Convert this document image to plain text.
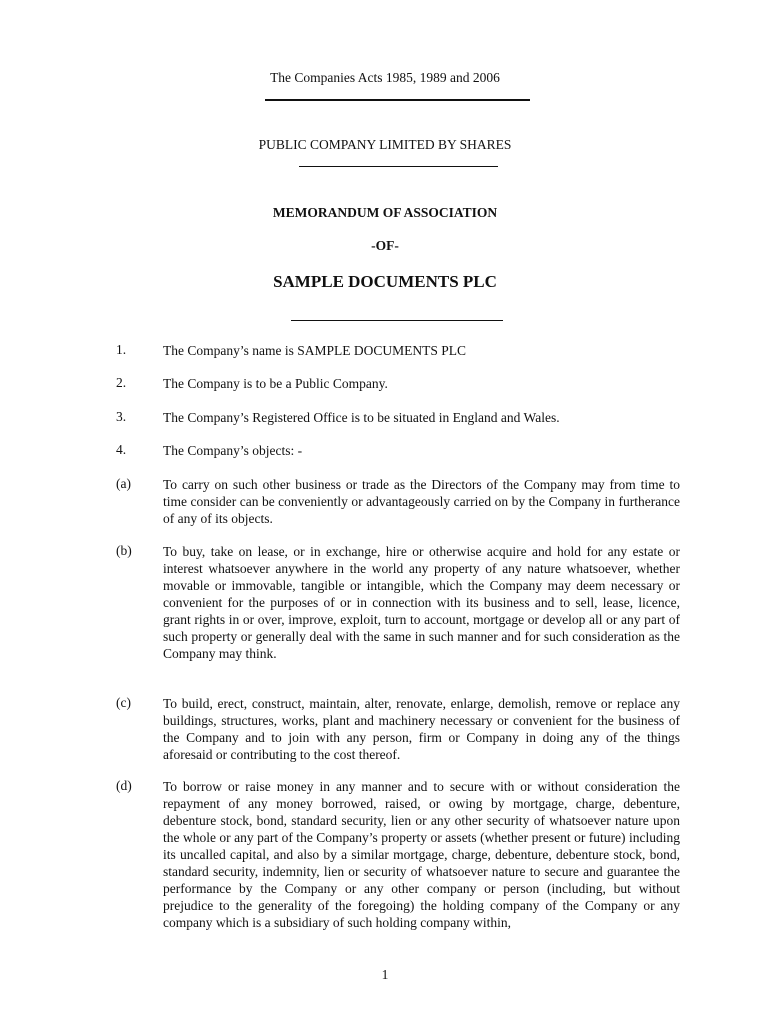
The Companies Acts 1985, 1989 and 2006
PUBLIC COMPANY LIMITED BY SHARES
MEMORANDUM OF ASSOCIATION
-OF-
SAMPLE DOCUMENTS PLC
1.	The Company’s name is SAMPLE DOCUMENTS PLC
2.	The Company is to be a Public Company.
3.	The Company’s Registered Office is to be situated in England and Wales.
4.	The Company’s objects: -
(a) To carry on such other business or trade as the Directors of the Company may from time to time consider can be conveniently or advantageously carried on by the Company in furtherance of any of its objects.
(b) To buy, take on lease, or in exchange, hire or otherwise acquire and hold for any estate or interest whatsoever anywhere in the world any property of any nature whatsoever, whether movable or immovable, tangible or intangible, which the Company may deem necessary or convenient for the purposes of or in connection with its business and to sell, lease, licence, grant rights in or over, improve, exploit, turn to account, mortgage or develop all or any part of such property or generally deal with the same in such manner and for such consideration as the Company may think.
(c) To build, erect, construct, maintain, alter, renovate, enlarge, demolish, remove or replace any buildings, structures, works, plant and machinery necessary or convenient for the business of the Company and to join with any person, firm or Company in doing any of the things aforesaid or contributing to the cost thereof.
(d) To borrow or raise money in any manner and to secure with or without consideration the repayment of any money borrowed, raised, or owing by mortgage, charge, debenture, debenture stock, bond, standard security, lien or any other security of whatsoever nature upon the whole or any part of the Company’s property or assets (whether present or future) including its uncalled capital, and also by a similar mortgage, charge, debenture, debenture stock, bond, standard security, indemnity, lien or security of whatsoever nature to secure and guarantee the performance by the Company or any other company or person (including, but without prejudice to the generality of the foregoing) the holding company of the Company or any company which is a subsidiary of such holding company within,
1
